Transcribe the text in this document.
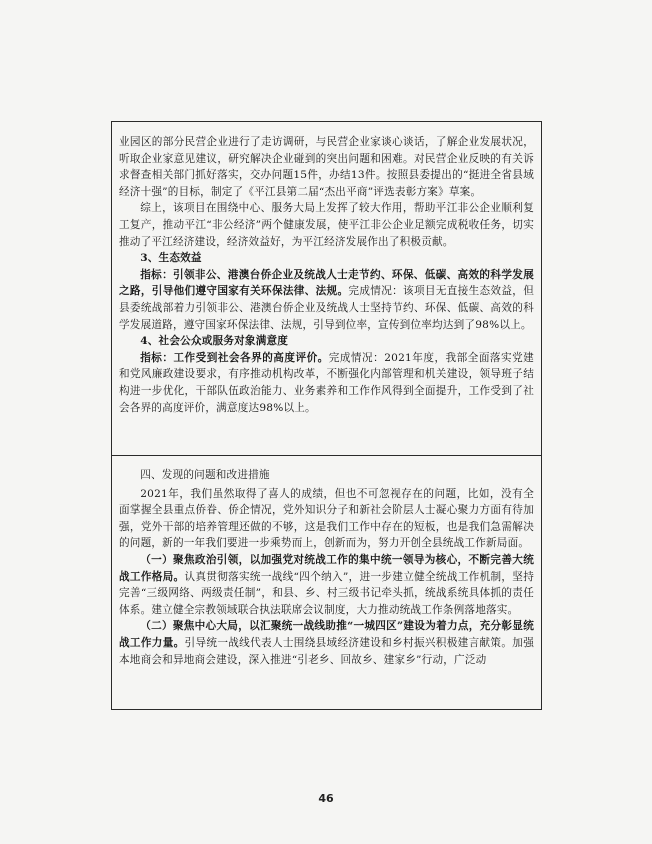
业园区的部分民营企业进行了走访调研，与民营企业家谈心谈话，了解企业发展状况，听取企业家意见建议，研究解决企业碰到的突出问题和困难。对民营企业反映的有关诉求督查相关部门抓好落实，交办问题15件，办结13件。按照县委提出的“挺进全省县域经济十强”的目标，制定了《平江县第二届“杰出平商”评选表彰方案》草案。

综上，该项目在围绕中心、服务大局上发挥了较大作用，帮助平江非公企业顺利复工复产，推动平江“非公经济”两个健康发展，使平江非公企业足额完成税收任务，切实推动了平江经济建设，经济效益好，为平江经济发展作出了积极贡献。

3、生态效益

指标：引领非公、港澳台侨企业及统战人士走节约、环保、低碳、高效的科学发展之路，引导他们遵守国家有关环保法律、法规。完成情况：该项目无直接生态效益，但县委统战部着力引领非公、港澳台侨企业及统战人士坚持节约、环保、低碳、高效的科学发展道路，遵守国家环保法律、法规，引导到位率，宣传到位率均达到了98%以上。

4、社会公众或服务对象满意度

指标：工作受到社会各界的高度评价。完成情况：2021年度，我部全面落实党建和党风廉政建设要求，有序推动机构改革，不断强化内部管理和机关建设，领导班子结构进一步优化，干部队伍政治能力、业务素养和工作作风得到全面提升，工作受到了社会各界的高度评价，满意度达98%以上。

四、发现的问题和改进措施

2021年，我们虽然取得了喜人的成绩，但也不可忽视存在的问题，比如，没有全面掌握全县重点侨眷、侨企情况，党外知识分子和新社会阶层人士凝心聚力方面有待加强，党外干部的培养管理还做的不够，这是我们工作中存在的短板，也是我们急需解决的问题，新的一年我们要进一步乘势而上，创新而为，努力开创全县统战工作新局面。

（一）聚焦政治引领，以加强党对统战工作的集中统一领导为核心，不断完善大统战工作格局。认真贯彻落实统一战线“四个纳入”，进一步建立健全统战工作机制，坚持完善“三级网络、两级责任制”，和县、乡、村三级书记牵头抓，统战系统具体抓的责任体系。建立健全宗教领域联合执法联席会议制度，大力推动统战工作条例落地落实。

（二）聚焦中心大局，以汇聚统一战线助推“一城四区”建设为着力点，充分彰显统战工作力量。引导统一战线代表人士围绕县域经济建设和乡村振兴积极建言献策。加强本地商会和异地商会建设，深入推进“引老乡、回故乡、建家乡”行动，广泛动

46
